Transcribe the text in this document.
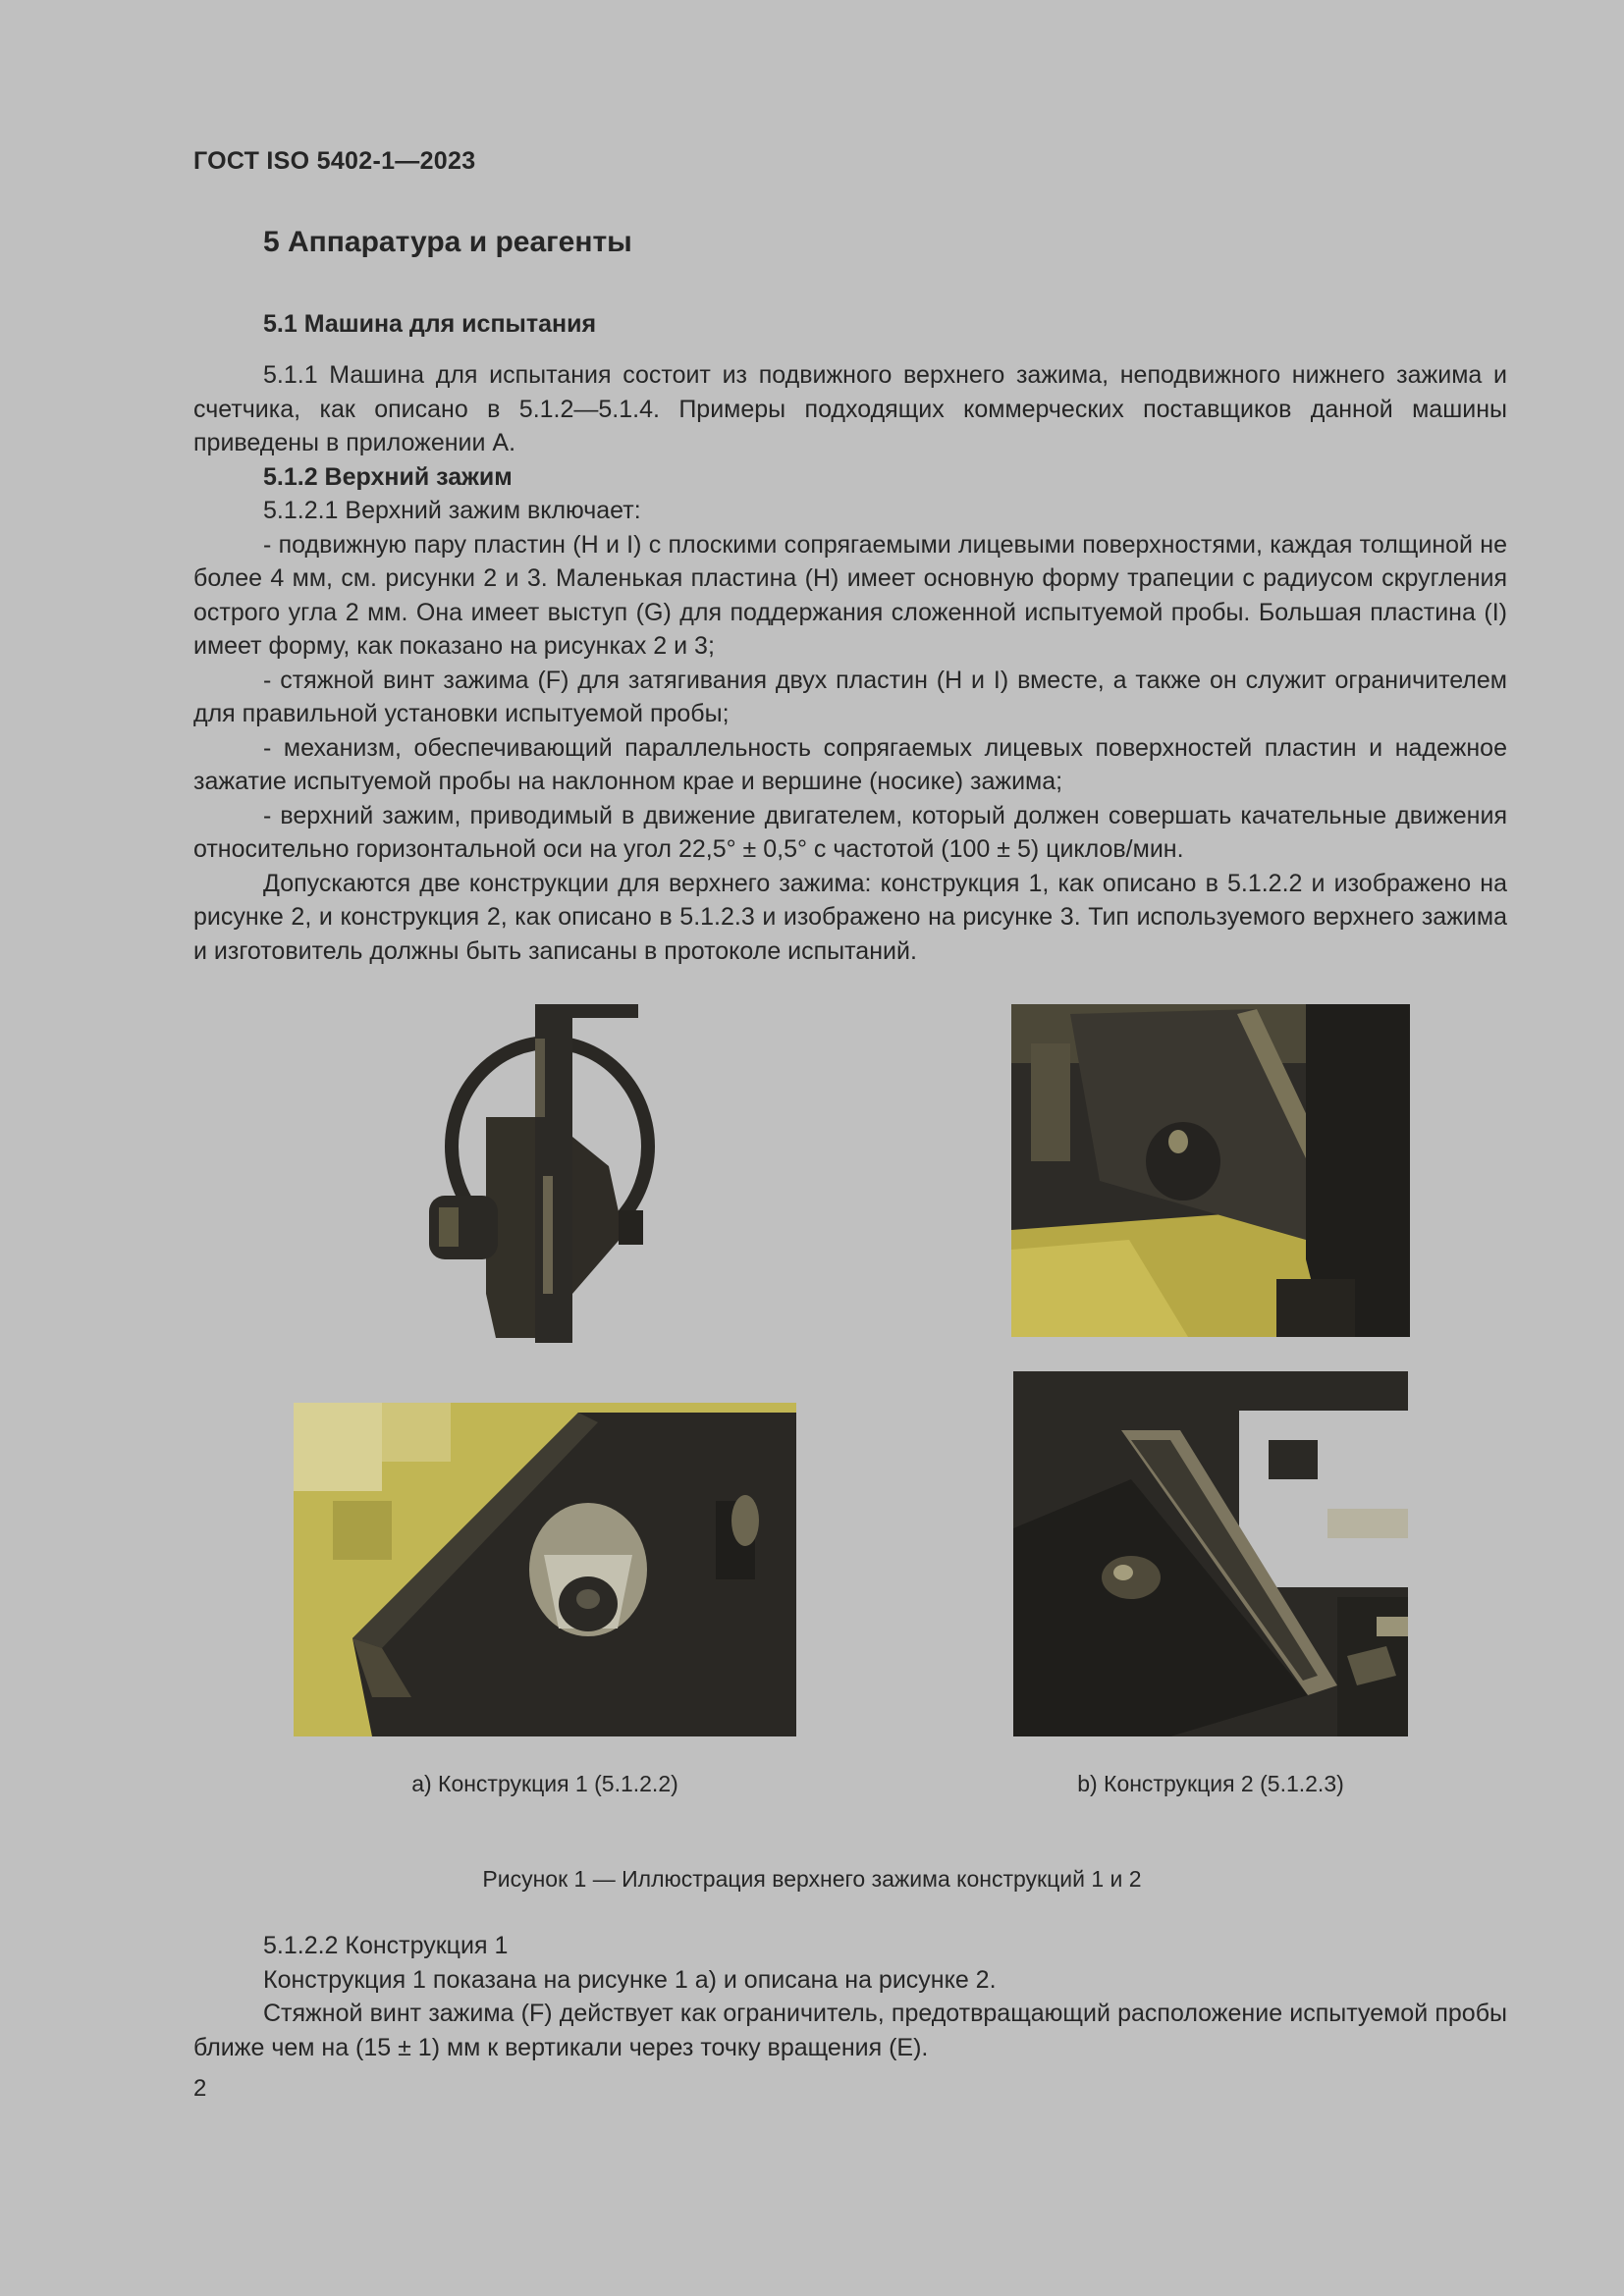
ГОСТ ISO 5402-1—2023
5 Аппаратура и реагенты
5.1 Машина для испытания

5.1.1 Машина для испытания состоит из подвижного верхнего зажима, неподвижного нижнего зажима и счетчика, как описано в 5.1.2—5.1.4. Примеры подходящих коммерческих поставщиков данной машины приведены в приложении A.

5.1.2 Верхний зажим

5.1.2.1 Верхний зажим включает:

- подвижную пару пластин (H и I) с плоскими сопрягаемыми лицевыми поверхностями, каждая толщиной не более 4 мм, см. рисунки 2 и 3. Маленькая пластина (H) имеет основную форму трапеции с радиусом скругления острого угла 2 мм. Она имеет выступ (G) для поддержания сложенной испытуемой пробы. Большая пластина (I) имеет форму, как показано на рисунках 2 и 3;

- стяжной винт зажима (F) для затягивания двух пластин (H и I) вместе, а также он служит ограничителем для правильной установки испытуемой пробы;

- механизм, обеспечивающий параллельность сопрягаемых лицевых поверхностей пластин и надежное зажатие испытуемой пробы на наклонном крае и вершине (носике) зажима;

- верхний зажим, приводимый в движение двигателем, который должен совершать качательные движения относительно горизонтальной оси на угол 22,5° ± 0,5° с частотой (100 ± 5) циклов/мин.

Допускаются две конструкции для верхнего зажима: конструкция 1, как описано в 5.1.2.2 и изображено на рисунке 2, и конструкция 2, как описано в 5.1.2.3 и изображено на рисунке 3. Тип используемого верхнего зажима и изготовитель должны быть записаны в протоколе испытаний.

а) Конструкция 1 (5.1.2.2)	b) Конструкция 2 (5.1.2.3)
Рисунок 1 — Иллюстрация верхнего зажима конструкций 1 и 2

5.1.2.2 Конструкция 1

Конструкция 1 показана на рисунке 1 а) и описана на рисунке 2.

Стяжной винт зажима (F) действует как ограничитель, предотвращающий расположение испытуемой пробы ближе чем на (15 ± 1) мм к вертикали через точку вращения (E).

2
